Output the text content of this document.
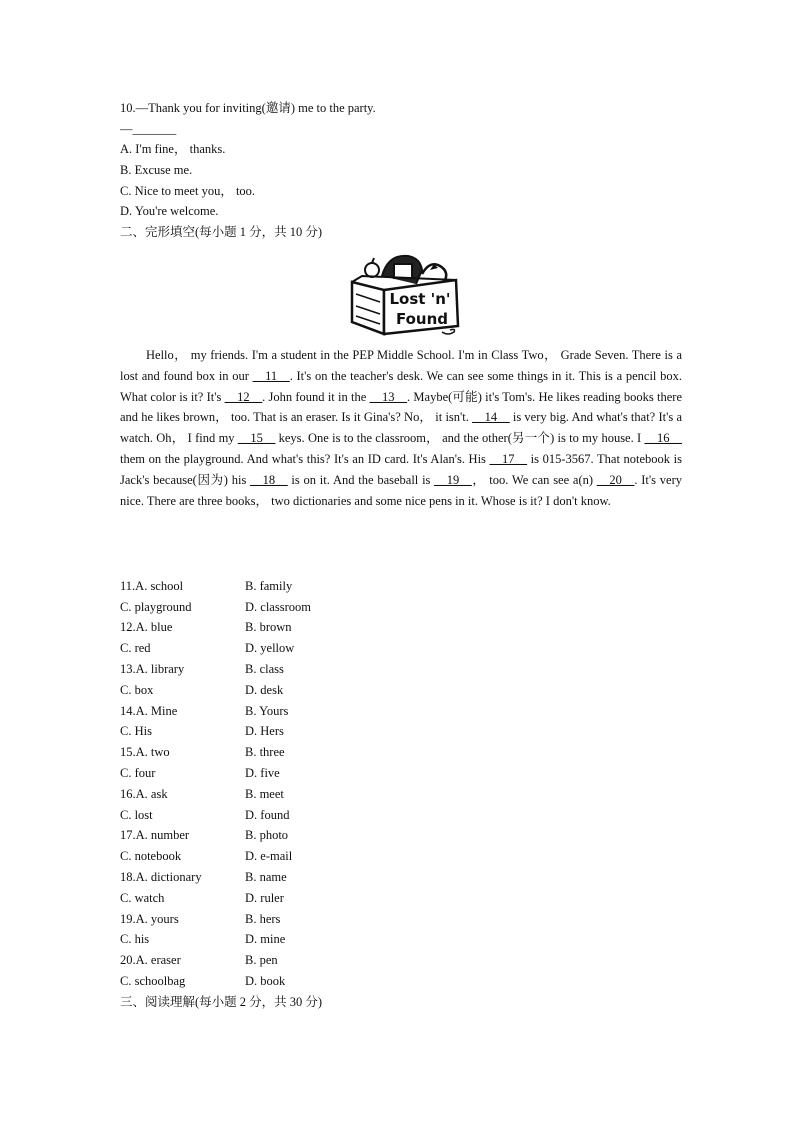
10.—Thank you for inviting(邀请) me to the party.
—_______
A. I'm fine， thanks.
B. Excuse me.
C. Nice to meet you， too.
D. You're welcome.
二、完形填空(每小题 1 分，共 10 分)
Lost 'n'
Found
Hello， my friends. I'm a student in the PEP Middle School. I'm in Class Two， Grade Seven. There is a lost and found box in our __11__. It's on the teacher's desk. We can see some things in it. This is a pencil box. What color is it? It's __12__. John found it in the __13__. Maybe(可能) it's Tom's. He likes reading books there and he likes brown， too. That is an eraser. Is it Gina's? No， it isn't. __14__ is very big. And what's that? It's a watch. Oh， I find my __15__ keys. One is to the classroom， and the other(另一个) is to my house. I __16__ them on the playground. And what's this? It's an ID card. It's Alan's. His __17__ is 015-3567. That notebook is Jack's because(因为) his __18__ is on it. And the baseball is __19__， too. We can see a(n) __20__. It's very nice. There are three books， two dictionaries and some nice pens in it. Whose is it? I don't know.
11.A. school	B. family
C. playground	D. classroom
12.A. blue	B. brown
C. red	D. yellow
13.A. library	B. class
C. box	D. desk
14.A. Mine	B. Yours
C. His	D. Hers
15.A. two	B. three
C. four	D. five
16.A. ask	B. meet
C. lost	D. found
17.A. number	B. photo
C. notebook	D. e-mail
18.A. dictionary	B. name
C. watch	D. ruler
19.A. yours	B. hers
C. his	D. mine
20.A. eraser	B. pen
C. schoolbag	D. book
三、阅读理解(每小题 2 分，共 30 分)
